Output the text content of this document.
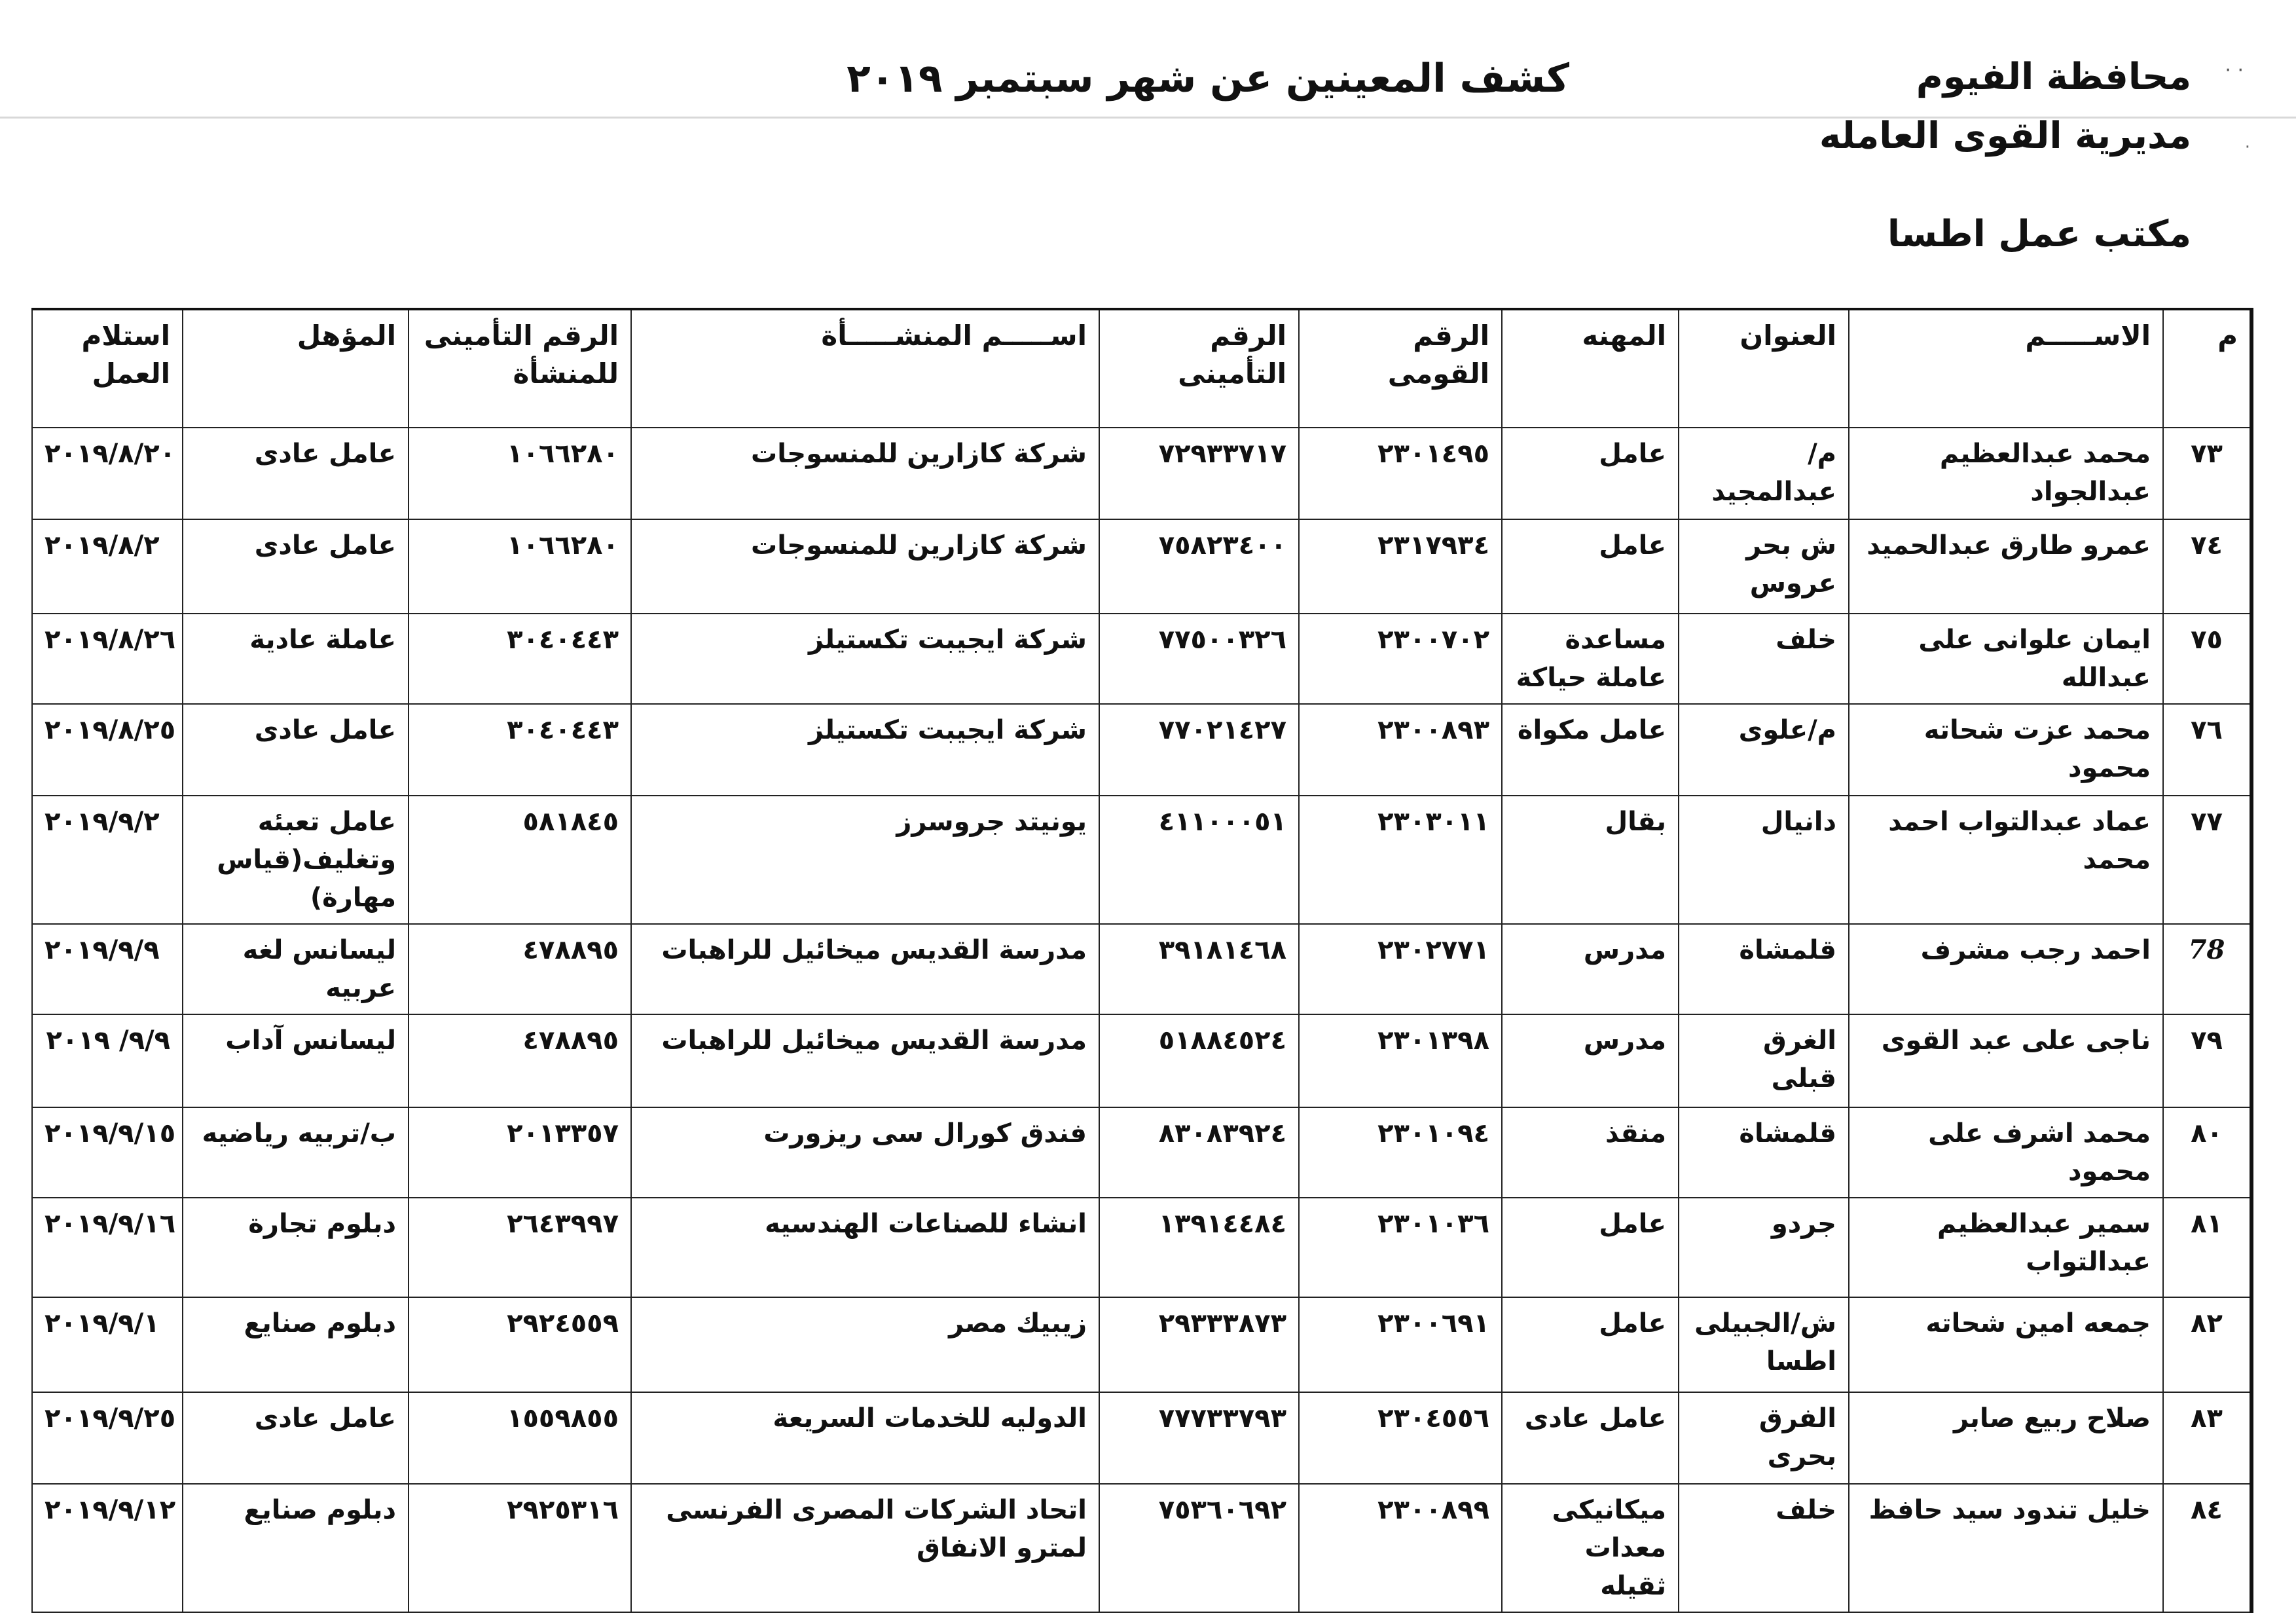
· ·
·
محافظة الفيوم
مديرية القوى العامله
مكتب عمل اطسا
كشف المعينين عن شهر سبتمبر ٢٠١٩
م	الاســـــم	العنوان	المهنه	الرقم القومى	الرقم التأمينى	اســـــم المنشـــــأة	الرقم التأمينى للمنشأة	المؤهل	استلام العمل
٧٣	محمد عبدالعظيم عبدالجواد	م/عبدالمجيد	عامل	٢٣٠١٤٩٥	٧٢٩٣٣٧١٧	شركة كازارين للمنسوجات	١٠٦٦٢٨٠	عامل عادى	٢٠١٩/٨/٢٠
٧٤	عمرو طارق عبدالحميد	ش بحر عروس	عامل	٢٣١٧٩٣٤	٧٥٨٢٣٤٠٠	شركة كازارين للمنسوجات	١٠٦٦٢٨٠	عامل عادى	٢٠١٩/٨/٢
٧٥	ايمان علوانى على عبدالله	خلف	مساعدة عاملة حياكة	٢٣٠٠٧٠٢	٧٧٥٠٠٣٢٦	شركة ايجيبت تكستيلز	٣٠٤٠٤٤٣	عاملة عادية	٢٠١٩/٨/٢٦
٧٦	محمد عزت شحاته محمود	م/علوى	عامل مكواة	٢٣٠٠٨٩٣	٧٧٠٢١٤٢٧	شركة ايجيبت تكستيلز	٣٠٤٠٤٤٣	عامل عادى	٢٠١٩/٨/٢٥
٧٧	عماد عبدالتواب احمد محمد	دانيال	بقال	٢٣٠٣٠١١	٤١١٠٠٠٥١	يونيتد جروسرز	٥٨١٨٤٥	عامل تعبئه وتغليف(قياس مهارة)	٢٠١٩/٩/٢
78	احمد رجب مشرف	قلمشاة	مدرس	٢٣٠٢٧٧١	٣٩١٨١٤٦٨	مدرسة القديس ميخائيل للراهبات	٤٧٨٨٩٥	ليسانس لغه عربيه	٢٠١٩/٩/٩
٧٩	ناجى على عبد القوى	الغرق قبلى	مدرس	٢٣٠١٣٩٨	٥١٨٨٤٥٢٤	مدرسة القديس ميخائيل للراهبات	٤٧٨٨٩٥	ليسانس آداب	٩/٩/ ٢٠١٩
٨٠	محمد اشرف على محمود	قلمشاة	منقذ	٢٣٠١٠٩٤	٨٣٠٨٣٩٢٤	فندق كورال سى ريزورت	٢٠١٣٣٥٧	ب/تربيه رياضيه	٢٠١٩/٩/١٥
٨١	سمير عبدالعظيم عبدالتواب	جردو	عامل	٢٣٠١٠٣٦	١٣٩١٤٤٨٤	انشاء للصناعات الهندسيه	٢٦٤٣٩٩٧	دبلوم تجارة	٢٠١٩/٩/١٦
٨٢	جمعه امين شحاته	ش/الجبيلى اطسا	عامل	٢٣٠٠٦٩١	٢٩٣٣٣٨٧٣	زيبيك مصر	٢٩٢٤٥٥٩	دبلوم صنايع	٢٠١٩/٩/١
٨٣	صلاح ربيع صابر	الفرق بحرى	عامل عادى	٢٣٠٤٥٥٦	٧٧٧٣٣٧٩٣	الدوليه للخدمات السريعة	١٥٥٩٨٥٥	عامل عادى	٢٠١٩/٩/٢٥
٨٤	خليل تندود سيد حافظ	خلف	ميكانيكى معدات ثقيله	٢٣٠٠٨٩٩	٧٥٣٦٠٦٩٢	اتحاد الشركات المصرى الفرنسى لمترو الانفاق	٢٩٢٥٣١٦	دبلوم صنايع	٢٠١٩/٩/١٢
